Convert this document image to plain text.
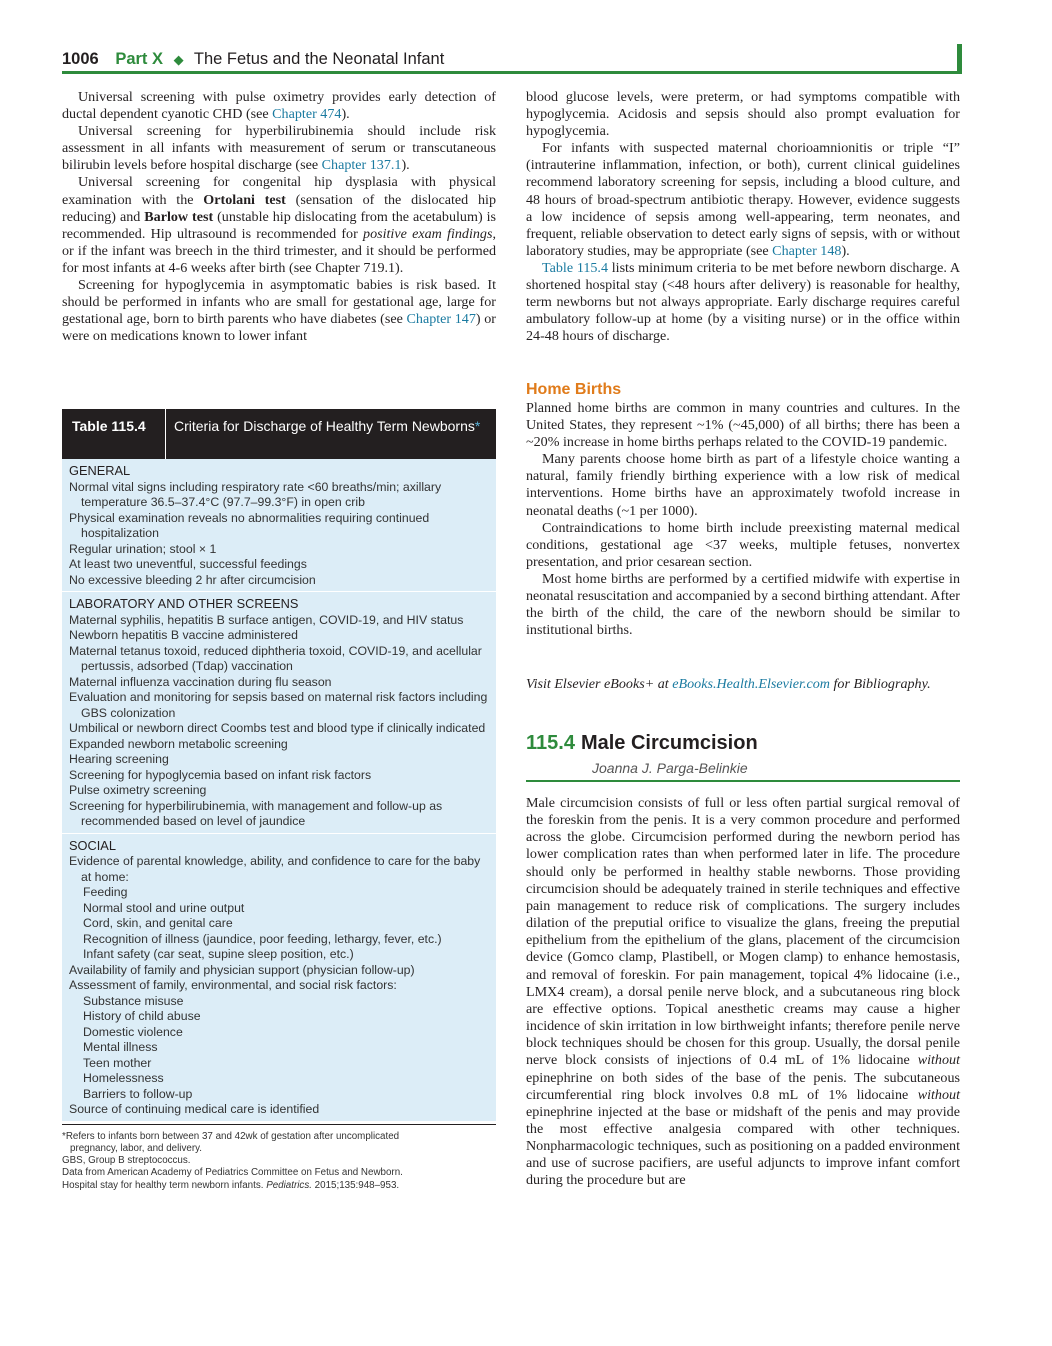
1006 Part X ◆ The Fetus and the Neonatal Infant

Universal screening with pulse oximetry provides early detection of ductal dependent cyanotic CHD (see Chapter 474).

Universal screening for hyperbilirubinemia should include risk assessment in all infants with measurement of serum or transcutaneous bilirubin levels before hospital discharge (see Chapter 137.1).

Universal screening for congenital hip dysplasia with physical examination with the Ortolani test (sensation of the dislocated hip reducing) and Barlow test (unstable hip dislocating from the acetabulum) is recommended. Hip ultrasound is recommended for positive exam findings, or if the infant was breech in the third trimester, and it should be performed for most infants at 4-6 weeks after birth (see Chapter 719.1).

Screening for hypoglycemia in asymptomatic babies is risk based. It should be performed in infants who are small for gestational age, large for gestational age, born to birth parents who have diabetes (see Chapter 147) or were on medications known to lower infant

blood glucose levels, were preterm, or had symptoms compatible with hypoglycemia. Acidosis and sepsis should also prompt evaluation for hypoglycemia.

For infants with suspected maternal chorioamnionitis or triple “I” (intrauterine inflammation, infection, or both), current clinical guidelines recommend laboratory screening for sepsis, including a blood culture, and 48 hours of broad-spectrum antibiotic therapy. However, evidence suggests a low incidence of sepsis among well-appearing, term neonates, and frequent, reliable observation to detect early signs of sepsis, with or without laboratory studies, may be appropriate (see Chapter 148).

Table 115.4 lists minimum criteria to be met before newborn discharge. A shortened hospital stay (<48 hours after delivery) is reasonable for healthy, term newborns but not always appropriate. Early discharge requires careful ambulatory follow-up at home (by a visiting nurse) or in the office within 24-48 hours of discharge.

Home Births

Planned home births are common in many countries and cultures. In the United States, they represent ~1% (~45,000) of all births; there has been a ~20% increase in home births perhaps related to the COVID-19 pandemic.

Many parents choose home birth as part of a lifestyle choice wanting a natural, family friendly birthing experience with a low risk of medical interventions. Home births have an approximately twofold increase in neonatal deaths (~1 per 1000).

Contraindications to home birth include preexisting maternal medical conditions, gestational age <37 weeks, multiple fetuses, nonvertex presentation, and prior cesarean section.

Most home births are performed by a certified midwife with expertise in neonatal resuscitation and accompanied by a second birthing attendant. After the birth of the child, the care of the newborn should be similar to institutional births.

Visit Elsevier eBooks+ at eBooks.Health.Elsevier.com for Bibliography.
115.4 Male Circumcision
Joanna J. Parga-Belinkie
Male circumcision consists of full or less often partial surgical removal of the foreskin from the penis. It is a very common procedure and performed across the globe. Circumcision performed during the newborn period has lower complication rates than when performed later in life. The procedure should only be performed in healthy stable newborns. Those providing circumcision should be adequately trained in sterile techniques and effective pain management to reduce risk of complications. The surgery includes dilation of the preputial orifice to visualize the glans, freeing the preputial epithelium from the epithelium of the glans, placement of the circumcision device (Gomco clamp, Plastibell, or Mogen clamp) to enhance hemostasis, and removal of foreskin. For pain management, topical 4% lidocaine (i.e., LMX4 cream), a dorsal penile nerve block, and a subcutaneous ring block are effective options. Topical anesthetic creams may cause a higher incidence of skin irritation in low birthweight infants; therefore penile nerve block techniques should be chosen for this group. Usually, the dorsal penile nerve block consists of injections of 0.4 mL of 1% lidocaine without epinephrine on both sides of the base of the penis. The subcutaneous circumferential ring block involves 0.8 mL of 1% lidocaine without epinephrine injected at the base or midshaft of the penis and may provide the most effective analgesia compared with other techniques. Nonpharmacologic techniques, such as positioning on a padded environment and use of sucrose pacifiers, are useful adjuncts to improve infant comfort during the procedure but are
Table 115.4	Criteria for Discharge of Healthy Term Newborns*
GENERAL
Normal vital signs including respiratory rate <60 breaths/min; axillary temperature 36.5–37.4°C (97.7–99.3°F) in open crib
Physical examination reveals no abnormalities requiring continued hospitalization
Regular urination; stool × 1
At least two uneventful, successful feedings
No excessive bleeding 2 hr after circumcision
LABORATORY AND OTHER SCREENS
Maternal syphilis, hepatitis B surface antigen, COVID-19, and HIV status
Newborn hepatitis B vaccine administered
Maternal tetanus toxoid, reduced diphtheria toxoid, COVID-19, and acellular pertussis, adsorbed (Tdap) vaccination
Maternal influenza vaccination during flu season
Evaluation and monitoring for sepsis based on maternal risk factors including GBS colonization
Umbilical or newborn direct Coombs test and blood type if clinically indicated
Expanded newborn metabolic screening
Hearing screening
Screening for hypoglycemia based on infant risk factors
Pulse oximetry screening
Screening for hyperbilirubinemia, with management and follow-up as recommended based on level of jaundice
SOCIAL
Evidence of parental knowledge, ability, and confidence to care for the baby at home:
Feeding
Normal stool and urine output
Cord, skin, and genital care
Recognition of illness (jaundice, poor feeding, lethargy, fever, etc.)
Infant safety (car seat, supine sleep position, etc.)
Availability of family and physician support (physician follow-up)
Assessment of family, environmental, and social risk factors:
Substance misuse
History of child abuse
Domestic violence
Mental illness
Teen mother
Homelessness
Barriers to follow-up
Source of continuing medical care is identified
*Refers to infants born between 37 and 42wk of gestation after uncomplicated
pregnancy, labor, and delivery.
GBS, Group B streptococcus.
Data from American Academy of Pediatrics Committee on Fetus and Newborn.
Hospital stay for healthy term newborn infants. Pediatrics. 2015;135:948–953.
